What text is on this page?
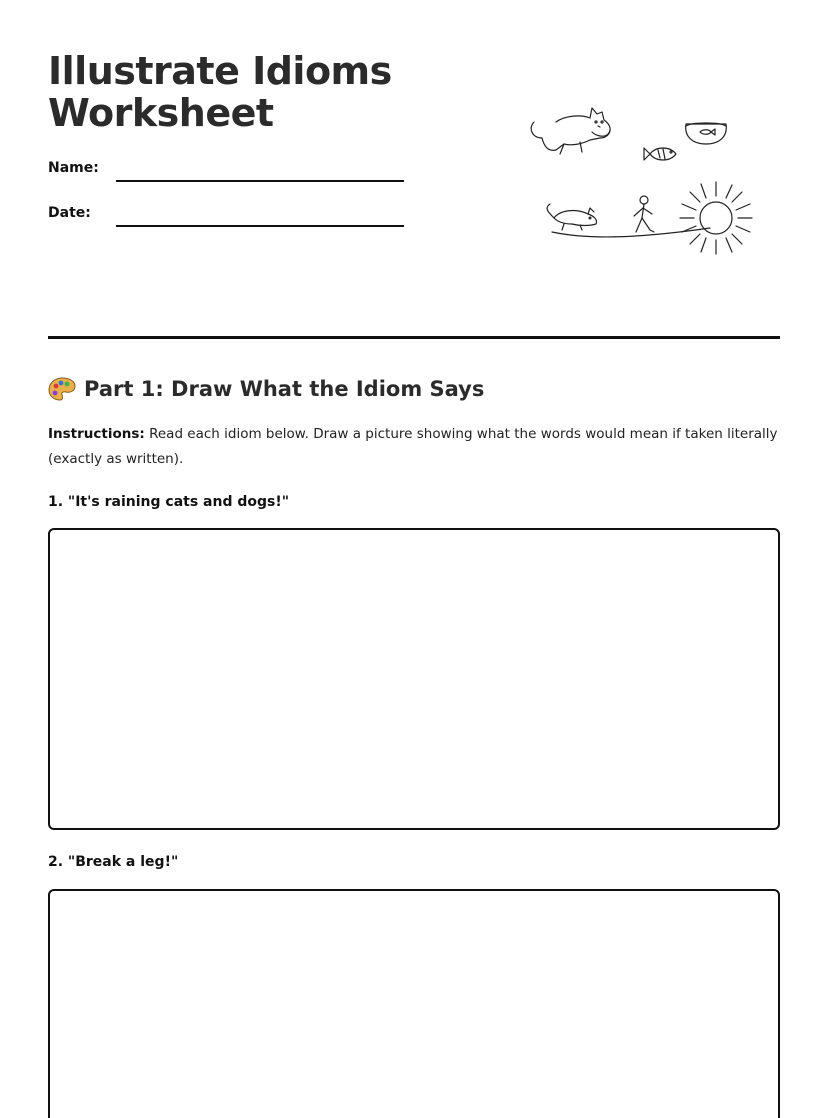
Illustrate Idioms
Worksheet
Name:
Date:
Part 1: Draw What the Idiom Says

Instructions: Read each idiom below. Draw a picture showing what the words would mean if taken literally (exactly as written).

1. "It's raining cats and dogs!"
2. "Break a leg!"
